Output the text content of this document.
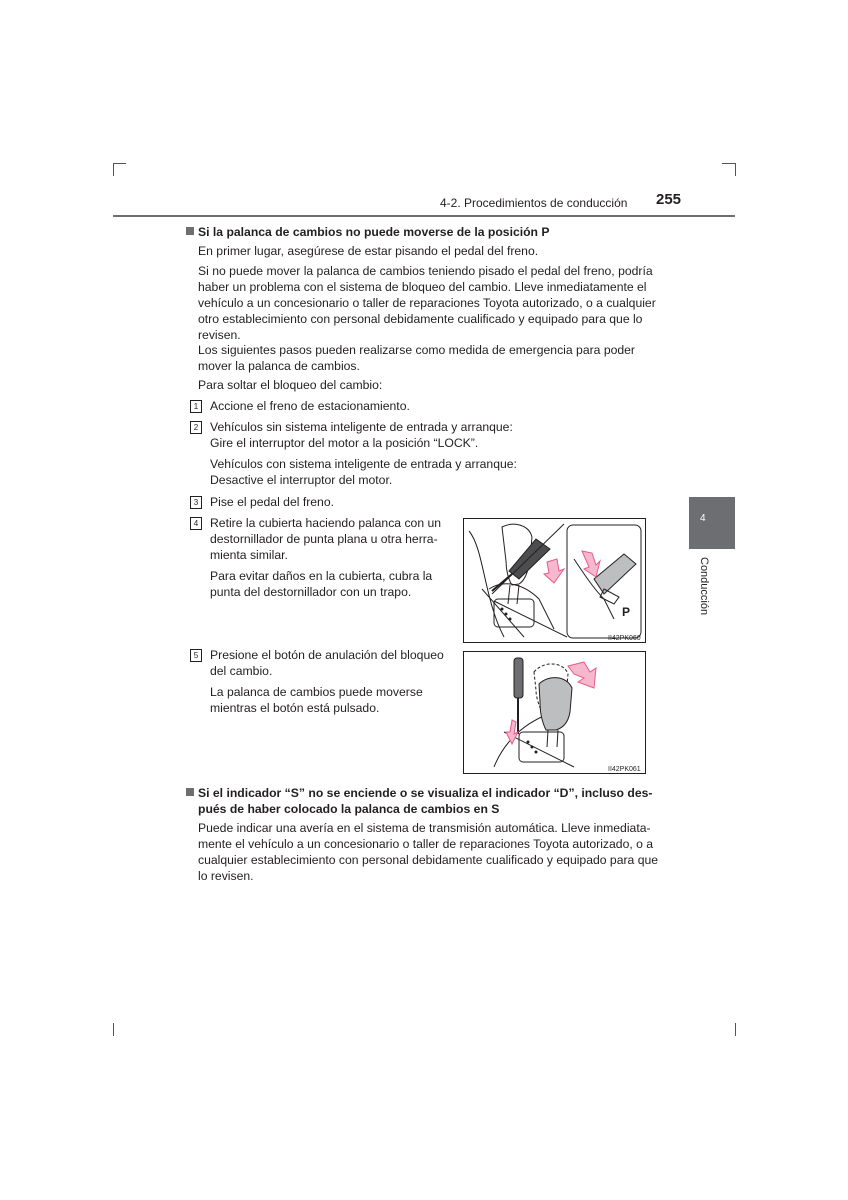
4-2. Procedimientos de conducción 255
4
Conducción
Si la palanca de cambios no puede moverse de la posición P
En primer lugar, asegúrese de estar pisando el pedal del freno.
Si no puede mover la palanca de cambios teniendo pisado el pedal del freno, podría
haber un problema con el sistema de bloqueo del cambio. Lleve inmediatamente el
vehículo a un concesionario o taller de reparaciones Toyota autorizado, o a cualquier
otro establecimiento con personal debidamente cualificado y equipado para que lo
revisen.
Los siguientes pasos pueden realizarse como medida de emergencia para poder
mover la palanca de cambios.
Para soltar el bloqueo del cambio:
1 Accione el freno de estacionamiento.
2 Vehículos sin sistema inteligente de entrada y arranque:
Gire el interruptor del motor a la posición “LOCK”.
Vehículos con sistema inteligente de entrada y arranque:
Desactive el interruptor del motor.
3 Pise el pedal del freno.
4 Retire la cubierta haciendo palanca con un
destornillador de punta plana u otra herra-
mienta similar.
Para evitar daños en la cubierta, cubra la
punta del destornillador con un trapo.
P
II42PK060
5 Presione el botón de anulación del bloqueo
del cambio.
La palanca de cambios puede moverse
mientras el botón está pulsado.
II42PK061
Si el indicador “S” no se enciende o se visualiza el indicador “D”, incluso des-
pués de haber colocado la palanca de cambios en S
Puede indicar una avería en el sistema de transmisión automática. Lleve inmediata-
mente el vehículo a un concesionario o taller de reparaciones Toyota autorizado, o a
cualquier establecimiento con personal debidamente cualificado y equipado para que
lo revisen.
